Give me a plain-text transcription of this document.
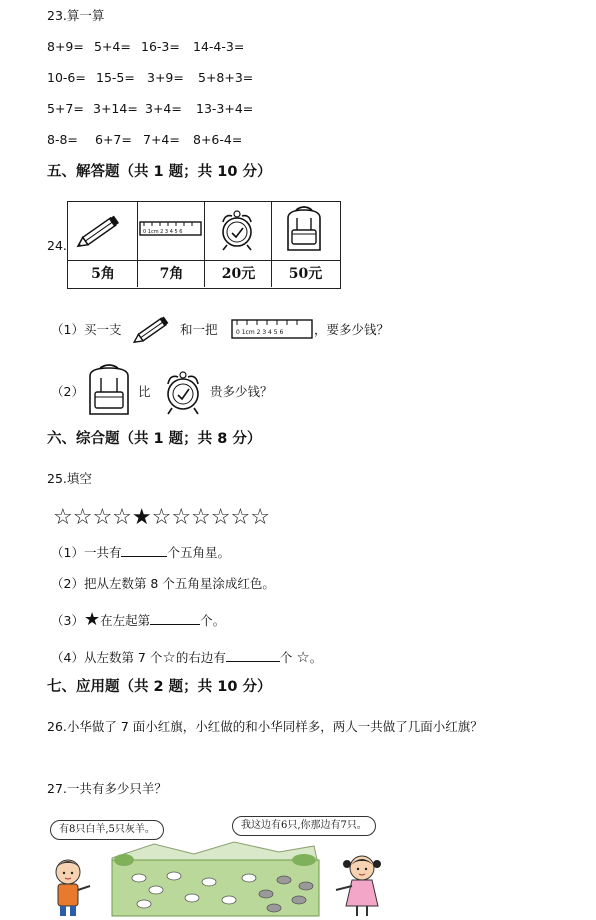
23.算一算
8+9= 5+4= 16-3= 14-4-3=
10-6= 15-5= 3+9= 5+8+3=
5+7= 3+14= 3+4= 13-3+4=
8-8= 6+7= 7+4= 8+6-4=
五、解答题（共 1 题；共 10 分）
24.
0 1cm 2 3 4 5 6
5角	7角	20元	50元
（1）买一支	和一把	0 1cm 2 3 4 5 6 ，要多少钱？
（2）	比	贵多少钱？
六、综合题（共 1 题；共 8 分）
25.填空
☆☆☆☆★☆☆☆☆☆☆
（1）一共有	个五角星。
（2）把从左数第 8 个五角星涂成红色。
（3）★在左起第	个。
（4）从左数第 7 个☆的右边有	个 ☆。
七、应用题（共 2 题；共 10 分）
26.小华做了 7 面小红旗，小红做的和小华同样多，两人一共做了几面小红旗？
27.一共有多少只羊？
有8只白羊,5只灰羊。	我这边有6只,你那边有7只。
